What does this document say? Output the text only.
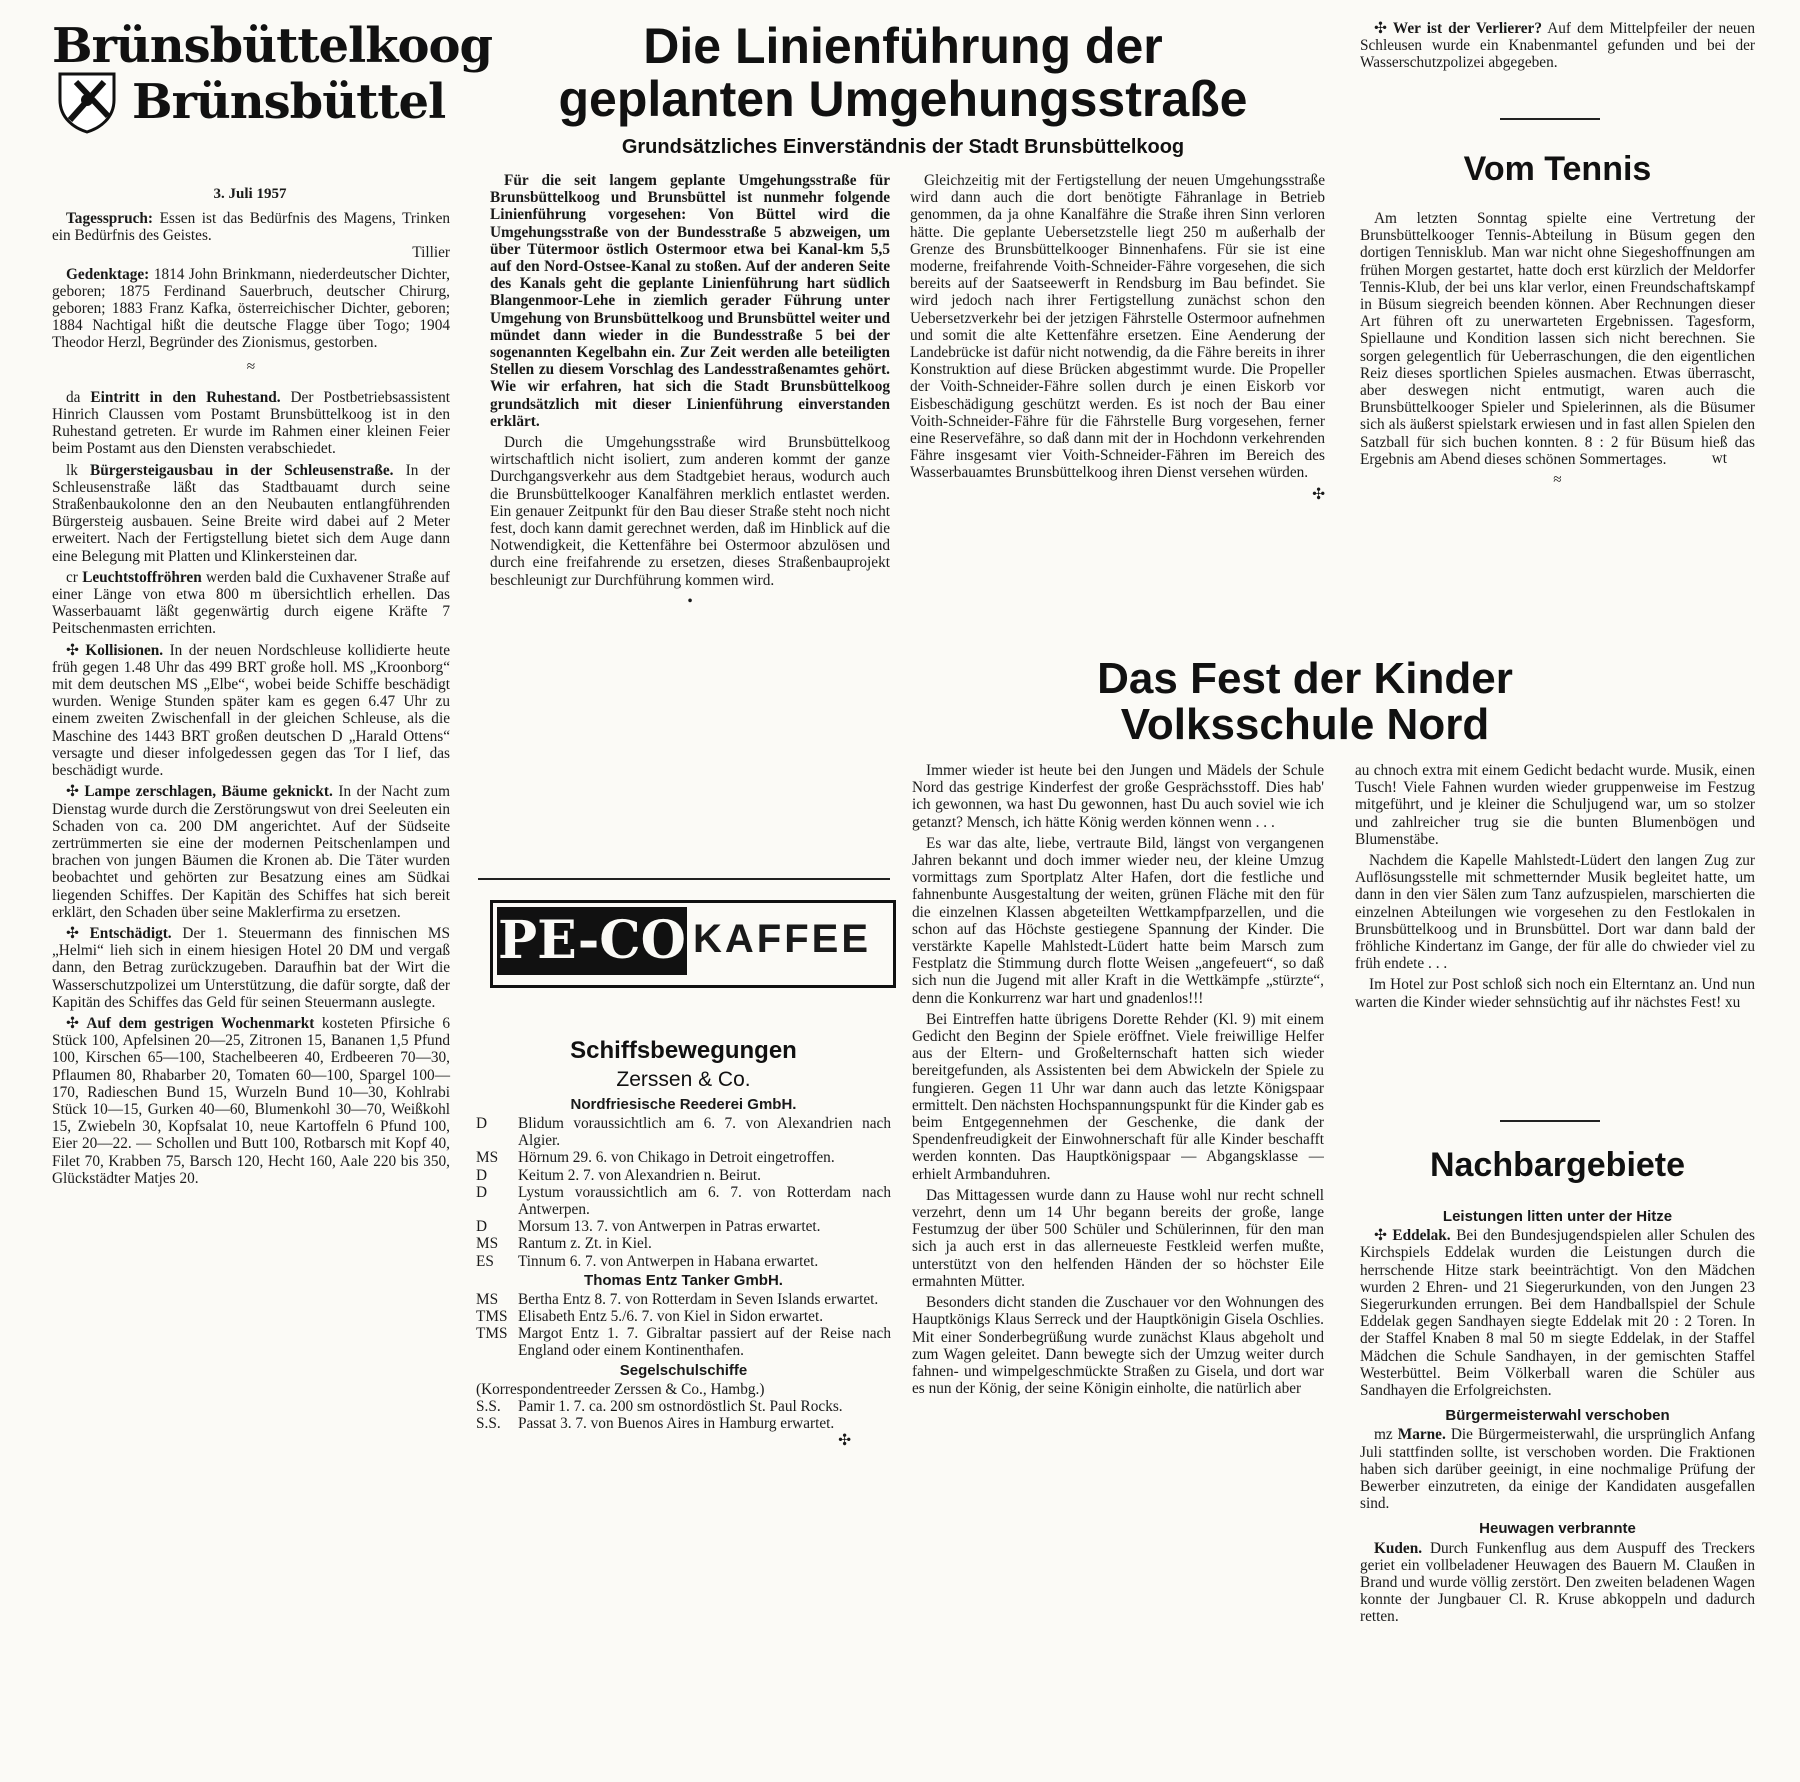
Brünsbüttelkoog
Brünsbüttel
3. Juli 1957

Tagesspruch: Essen ist das Bedürfnis des Magens, Trinken ein Bedürfnis des Geistes.

Tillier

Gedenktage: 1814 John Brinkmann, niederdeutscher Dichter, geboren; 1875 Ferdinand Sauerbruch, deutscher Chirurg, geboren; 1883 Franz Kafka, österreichischer Dichter, geboren; 1884 Nachtigal hißt die deutsche Flagge über Togo; 1904 Theodor Herzl, Begründer des Zionismus, gestorben.

≈

da Eintritt in den Ruhestand. Der Postbetriebsassistent Hinrich Claussen vom Postamt Brunsbüttelkoog ist in den Ruhestand getreten. Er wurde im Rahmen einer kleinen Feier beim Postamt aus den Diensten verabschiedet.

lk Bürgersteigausbau in der Schleusenstraße. In der Schleusenstraße läßt das Stadtbauamt durch seine Straßenbaukolonne den an den Neubauten entlangführenden Bürgersteig ausbauen. Seine Breite wird dabei auf 2 Meter erweitert. Nach der Fertigstellung bietet sich dem Auge dann eine Belegung mit Platten und Klinkersteinen dar.

cr Leuchtstoffröhren werden bald die Cuxhavener Straße auf einer Länge von etwa 800 m übersichtlich erhellen. Das Wasserbauamt läßt gegenwärtig durch eigene Kräfte 7 Peitschenmasten errichten.

✣ Kollisionen. In der neuen Nordschleuse kollidierte heute früh gegen 1.48 Uhr das 499 BRT große holl. MS „Kroonborg“ mit dem deutschen MS „Elbe“, wobei beide Schiffe beschädigt wurden. Wenige Stunden später kam es gegen 6.47 Uhr zu einem zweiten Zwischenfall in der gleichen Schleuse, als die Maschine des 1443 BRT großen deutschen D „Harald Ottens“ versagte und dieser infolgedessen gegen das Tor I lief, das beschädigt wurde.

✣ Lampe zerschlagen, Bäume geknickt. In der Nacht zum Dienstag wurde durch die Zerstörungswut von drei Seeleuten ein Schaden von ca. 200 DM angerichtet. Auf der Südseite zertrümmerten sie eine der modernen Peitschenlampen und brachen von jungen Bäumen die Kronen ab. Die Täter wurden beobachtet und gehörten zur Besatzung eines am Südkai liegenden Schiffes. Der Kapitän des Schiffes hat sich bereit erklärt, den Schaden über seine Maklerfirma zu ersetzen.

✣ Entschädigt. Der 1. Steuermann des finnischen MS „Helmi“ lieh sich in einem hiesigen Hotel 20 DM und vergaß dann, den Betrag zurückzugeben. Daraufhin bat der Wirt die Wasserschutzpolizei um Unterstützung, die dafür sorgte, daß der Kapitän des Schiffes das Geld für seinen Steuermann auslegte.

✣ Auf dem gestrigen Wochenmarkt kosteten Pfirsiche 6 Stück 100, Apfelsinen 20—25, Zitronen 15, Bananen 1,5 Pfund 100, Kirschen 65—100, Stachelbeeren 40, Erdbeeren 70—30, Pflaumen 80, Rhabarber 20, Tomaten 60—100, Spargel 100—170, Radieschen Bund 15, Wurzeln Bund 10—30, Kohlrabi Stück 10—15, Gurken 40—60, Blumenkohl 30—70, Weißkohl 15, Zwiebeln 30, Kopfsalat 10, neue Kartoffeln 6 Pfund 100, Eier 20—22. — Schollen und Butt 100, Rotbarsch mit Kopf 40, Filet 70, Krabben 75, Barsch 120, Hecht 160, Aale 220 bis 350, Glückstädter Matjes 20.

Die Linienführung der
geplanten Umgehungsstraße
Grundsätzliches Einverständnis der Stadt Brunsbüttelkoog

Für die seit langem geplante Umgehungsstraße für Brunsbüttelkoog und Brunsbüttel ist nunmehr folgende Linienführung vorgesehen: Von Büttel wird die Umgehungsstraße von der Bundesstraße 5 abzweigen, um über Tütermoor östlich Ostermoor etwa bei Kanal-km 5,5 auf den Nord-Ostsee-Kanal zu stoßen. Auf der anderen Seite des Kanals geht die geplante Linienführung hart südlich Blangenmoor-Lehe in ziemlich gerader Führung unter Umgehung von Brunsbüttelkoog und Brunsbüttel weiter und mündet dann wieder in die Bundesstraße 5 bei der sogenannten Kegelbahn ein. Zur Zeit werden alle beteiligten Stellen zu diesem Vorschlag des Landesstraßenamtes gehört. Wie wir erfahren, hat sich die Stadt Brunsbüttelkoog grundsätzlich mit dieser Linienführung einverstanden erklärt.

Durch die Umgehungsstraße wird Brunsbüttelkoog wirtschaftlich nicht isoliert, zum anderen kommt der ganze Durchgangsverkehr aus dem Stadtgebiet heraus, wodurch auch die Brunsbüttelkooger Kanalfähren merklich entlastet werden. Ein genauer Zeitpunkt für den Bau dieser Straße steht noch nicht fest, doch kann damit gerechnet werden, daß im Hinblick auf die Notwendigkeit, die Kettenfähre bei Ostermoor abzulösen und durch eine freifahrende zu ersetzen, dieses Straßenbauprojekt beschleunigt zur Durchführung kommen wird.

•

Gleichzeitig mit der Fertigstellung der neuen Umgehungsstraße wird dann auch die dort benötigte Fähranlage in Betrieb genommen, da ja ohne Kanalfähre die Straße ihren Sinn verloren hätte. Die geplante Uebersetzstelle liegt 250 m außerhalb der Grenze des Brunsbüttelkooger Binnenhafens. Für sie ist eine moderne, freifahrende Voith-Schneider-Fähre vorgesehen, die sich bereits auf der Saatseewerft in Rendsburg im Bau befindet. Sie wird jedoch nach ihrer Fertigstellung zunächst schon den Uebersetzverkehr bei der jetzigen Fährstelle Ostermoor aufnehmen und somit die alte Kettenfähre ersetzen. Eine Aenderung der Landebrücke ist dafür nicht notwendig, da die Fähre bereits in ihrer Konstruktion auf diese Brücken abgestimmt wurde. Die Propeller der Voith-Schneider-Fähre sollen durch je einen Eiskorb vor Eisbeschädigung geschützt werden. Es ist noch der Bau einer Voith-Schneider-Fähre für die Fährstelle Burg vorgesehen, ferner eine Reservefähre, so daß dann mit der in Hochdonn verkehrenden Fähre insgesamt vier Voith-Schneider-Fähren im Bereich des Wasserbauamtes Brunsbüttelkoog ihren Dienst versehen würden.

✣

PE-CO KAFFEE
Schiffsbewegungen
Zerssen & Co.
Nordfriesische Reederei GmbH.
D	Blidum voraussichtlich am 6. 7. von Alexandrien nach Algier.
MS	Hörnum 29. 6. von Chikago in Detroit eingetroffen.
D	Keitum 2. 7. von Alexandrien n. Beirut.
D	Lystum voraussichtlich am 6. 7. von Rotterdam nach Antwerpen.
D	Morsum 13. 7. von Antwerpen in Patras erwartet.
MS	Rantum z. Zt. in Kiel.
ES	Tinnum 6. 7. von Antwerpen in Habana erwartet.
Thomas Entz Tanker GmbH.
MS	Bertha Entz 8. 7. von Rotterdam in Seven Islands erwartet.
TMS Elisabeth Entz 5./6. 7. von Kiel in Sidon erwartet.
TMS Margot Entz 1. 7. Gibraltar passiert auf der Reise nach England oder einem Kontinenthafen.
Segelschulschiffe
(Korrespondentreeder Zerssen & Co., Hambg.)
S.S.	Pamir 1. 7. ca. 200 sm ostnordöstlich St. Paul Rocks.
S.S.	Passat 3. 7. von Buenos Aires in Hamburg erwartet.
✣

✣ Wer ist der Verlierer? Auf dem Mittelpfeiler der neuen Schleusen wurde ein Knabenmantel gefunden und bei der Wasserschutzpolizei abgegeben.

Vom Tennis

Am letzten Sonntag spielte eine Vertretung der Brunsbüttelkooger Tennis-Abteilung in Büsum gegen den dortigen Tennisklub. Man war nicht ohne Siegeshoffnungen am frühen Morgen gestartet, hatte doch erst kürzlich der Meldorfer Tennis-Klub, der bei uns klar verlor, einen Freundschaftskampf in Büsum siegreich beenden können. Aber Rechnungen dieser Art führen oft zu unerwarteten Ergebnissen. Tagesform, Spiellaune und Kondition lassen sich nicht berechnen. Sie sorgen gelegentlich für Ueberraschungen, die den eigentlichen Reiz dieses sportlichen Spieles ausmachen. Etwas überrascht, aber deswegen nicht entmutigt, waren auch die Brunsbüttelkooger Spieler und Spielerinnen, als die Büsumer sich als äußerst spielstark erwiesen und in fast allen Spielen den Satzball für sich buchen konnten. 8 : 2 für Büsum hieß das Ergebnis am Abend dieses schönen Sommertages.	wt

≈

Das Fest der Kinder
Volksschule Nord

Immer wieder ist heute bei den Jungen und Mädels der Schule Nord das gestrige Kinderfest der große Gesprächsstoff. Dies hab' ich gewonnen, wa hast Du gewonnen, hast Du auch soviel wie ich getanzt? Mensch, ich hätte König werden können wenn . . .

Es war das alte, liebe, vertraute Bild, längst von vergangenen Jahren bekannt und doch immer wieder neu, der kleine Umzug vormittags zum Sportplatz Alter Hafen, dort die festliche und fahnenbunte Ausgestaltung der weiten, grünen Fläche mit den für die einzelnen Klassen abgeteilten Wettkampfparzellen, und die schon auf das Höchste gestiegene Spannung der Kinder. Die verstärkte Kapelle Mahlstedt-Lüdert hatte beim Marsch zum Festplatz die Stimmung durch flotte Weisen „angefeuert“, so daß sich nun die Jugend mit aller Kraft in die Wettkämpfe „stürzte“, denn die Konkurrenz war hart und gnadenlos!!!

Bei Eintreffen hatte übrigens Dorette Rehder (Kl. 9) mit einem Gedicht den Beginn der Spiele eröffnet. Viele freiwillige Helfer aus der Eltern- und Großelternschaft hatten sich wieder bereitgefunden, als Assistenten bei dem Abwickeln der Spiele zu fungieren. Gegen 11 Uhr war dann auch das letzte Königspaar ermittelt. Den nächsten Hochspannungspunkt für die Kinder gab es beim Entgegennehmen der Geschenke, die dank der Spendenfreudigkeit der Einwohnerschaft für alle Kinder beschafft werden konnten. Das Hauptkönigspaar — Abgangsklasse — erhielt Armbanduhren.

Das Mittagessen wurde dann zu Hause wohl nur recht schnell verzehrt, denn um 14 Uhr begann bereits der große, lange Festumzug der über 500 Schüler und Schülerinnen, für den man sich ja auch erst in das allerneueste Festkleid werfen mußte, unterstützt von den helfenden Händen der so höchster Eile ermahnten Mütter.

Besonders dicht standen die Zuschauer vor den Wohnungen des Hauptkönigs Klaus Serreck und der Hauptkönigin Gisela Oschlies. Mit einer Sonderbegrüßung wurde zunächst Klaus abgeholt und zum Wagen geleitet. Dann bewegte sich der Umzug weiter durch fahnen- und wimpelgeschmückte Straßen zu Gisela, und dort war es nun der König, der seine Königin einholte, die natürlich aber

au chnoch extra mit einem Gedicht bedacht wurde. Musik, einen Tusch! Viele Fahnen wurden wieder gruppenweise im Festzug mitgeführt, und je kleiner die Schuljugend war, um so stolzer und zahlreicher trug sie die bunten Blumenbögen und Blumenstäbe.

Nachdem die Kapelle Mahlstedt-Lüdert den langen Zug zur Auflösungsstelle mit schmetternder Musik begleitet hatte, um dann in den vier Sälen zum Tanz aufzuspielen, marschierten die einzelnen Abteilungen wie vorgesehen zu den Festlokalen in Brunsbüttelkoog und in Brunsbüttel. Dort war dann bald der fröhliche Kindertanz im Gange, der für alle do chwieder viel zu früh endete . . .

Im Hotel zur Post schloß sich noch ein Elterntanz an. Und nun warten die Kinder wieder sehnsüchtig auf ihr nächstes Fest! xu

Nachbargebiete
Leistungen litten unter der Hitze

✣ Eddelak. Bei den Bundesjugendspielen aller Schulen des Kirchspiels Eddelak wurden die Leistungen durch die herrschende Hitze stark beeinträchtigt. Von den Mädchen wurden 2 Ehren- und 21 Siegerurkunden, von den Jungen 23 Siegerurkunden errungen. Bei dem Handballspiel der Schule Eddelak gegen Sandhayen siegte Eddelak mit 20 : 2 Toren. In der Staffel Knaben 8 mal 50 m siegte Eddelak, in der Staffel Mädchen die Schule Sandhayen, in der gemischten Staffel Westerbüttel. Beim Völkerball waren die Schüler aus Sandhayen die Erfolgreichsten.

Bürgermeisterwahl verschoben

mz Marne. Die Bürgermeisterwahl, die ursprünglich Anfang Juli stattfinden sollte, ist verschoben worden. Die Fraktionen haben sich darüber geeinigt, in eine nochmalige Prüfung der Bewerber einzutreten, da einige der Kandidaten ausgefallen sind.

Heuwagen verbrannte

Kuden. Durch Funkenflug aus dem Auspuff des Treckers geriet ein vollbeladener Heuwagen des Bauern M. Claußen in Brand und wurde völlig zerstört. Den zweiten beladenen Wagen konnte der Jungbauer Cl. R. Kruse abkoppeln und dadurch retten.
